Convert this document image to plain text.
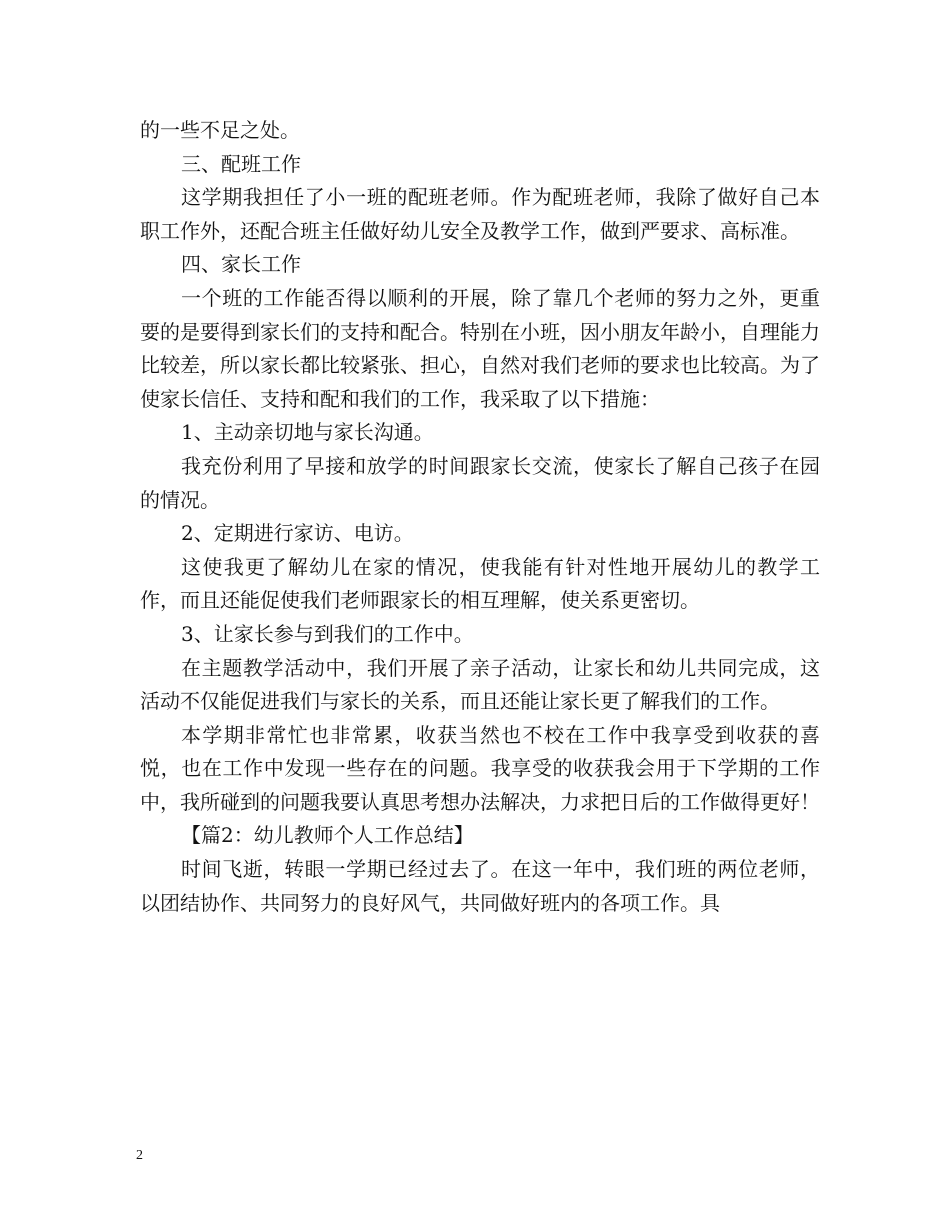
的一些不足之处。

三、配班工作

这学期我担任了小一班的配班老师。作为配班老师，我除了做好自己本职工作外，还配合班主任做好幼儿安全及教学工作，做到严要求、高标准。

四、家长工作

一个班的工作能否得以顺利的开展，除了靠几个老师的努力之外，更重要的是要得到家长们的支持和配合。特别在小班，因小朋友年龄小，自理能力比较差，所以家长都比较紧张、担心，自然对我们老师的要求也比较高。为了使家长信任、支持和配和我们的工作，我采取了以下措施：

1、主动亲切地与家长沟通。

我充份利用了早接和放学的时间跟家长交流，使家长了解自己孩子在园的情况。

2、定期进行家访、电访。

这使我更了解幼儿在家的情况，使我能有针对性地开展幼儿的教学工作，而且还能促使我们老师跟家长的相互理解，使关系更密切。

3、让家长参与到我们的工作中。

在主题教学活动中，我们开展了亲子活动，让家长和幼儿共同完成，这活动不仅能促进我们与家长的关系，而且还能让家长更了解我们的工作。

本学期非常忙也非常累，收获当然也不校在工作中我享受到收获的喜悦，也在工作中发现一些存在的问题。我享受的收获我会用于下学期的工作中，我所碰到的问题我要认真思考想办法解决，力求把日后的工作做得更好！

【篇2：幼儿教师个人工作总结】

时间飞逝，转眼一学期已经过去了。在这一年中，我们班的两位老师，以团结协作、共同努力的良好风气，共同做好班内的各项工作。具

2
